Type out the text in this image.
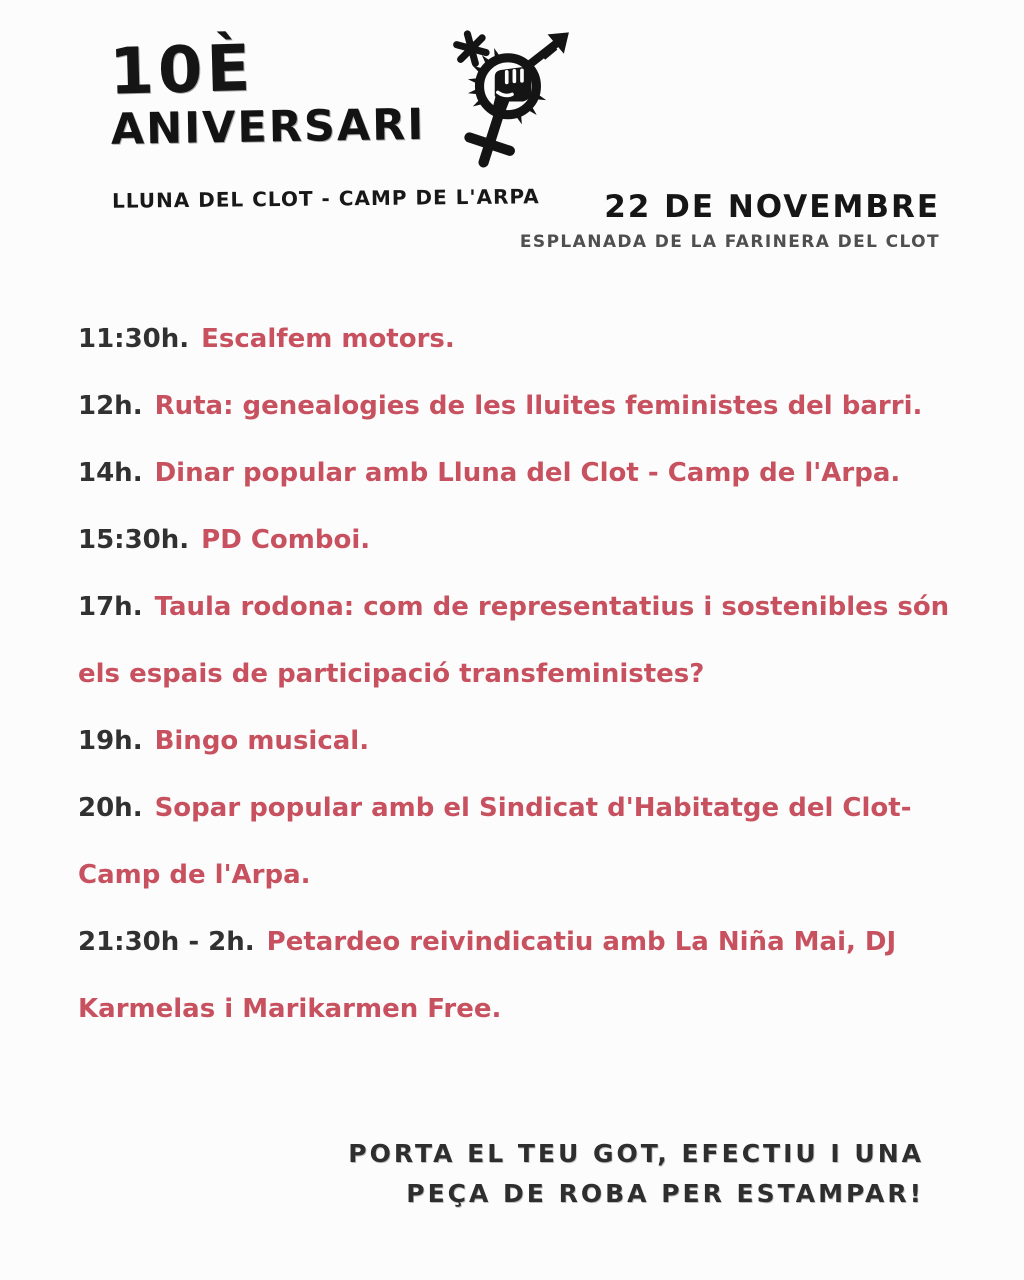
10È
ANIVERSARI
LLUNA DEL CLOT - CAMP DE L'ARPA	22 DE NOVEMBRE
ESPLANADA DE LA FARINERA DEL CLOT
11:30h. Escalfem motors.
12h. Ruta: genealogies de les lluites feministes del barri.
14h. Dinar popular amb Lluna del Clot - Camp de l'Arpa.
15:30h. PD Comboi.
17h. Taula rodona: com de representatius i sostenibles són els espais de participació transfeministes?
19h. Bingo musical.
20h. Sopar popular amb el Sindicat d'Habitatge del Clot-Camp de l'Arpa.
21:30h - 2h. Petardeo reivindicatiu amb La Niña Mai, DJ Karmelas i Marikarmen Free.
PORTA EL TEU GOT, EFECTIU I UNA PEÇA DE ROBA PER ESTAMPAR!
